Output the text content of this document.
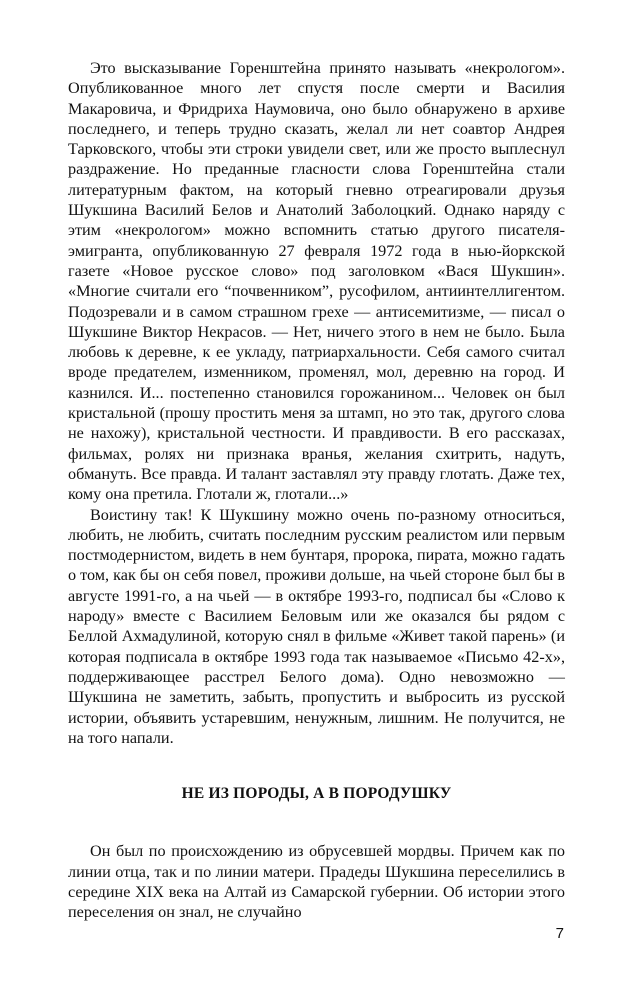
Это высказывание Горенштейна принято называть «некрологом». Опубликованное много лет спустя после смерти и Василия Макаровича, и Фридриха Наумовича, оно было обнаружено в архиве последнего, и теперь трудно сказать, желал ли нет соавтор Андрея Тарковского, чтобы эти строки увидели свет, или же просто выплеснул раздражение. Но преданные гласности слова Горенштейна стали литературным фактом, на который гневно отреагировали друзья Шукшина Василий Белов и Анатолий Заболоцкий. Однако наряду с этим «некрологом» можно вспомнить статью другого писателя-эмигранта, опубликованную 27 февраля 1972 года в нью-йоркской газете «Новое русское слово» под заголовком «Вася Шукшин». «Многие считали его “почвенником”, русофилом, антиинтеллигентом. Подозревали и в самом страшном грехе — антисемитизме, — писал о Шукшине Виктор Некрасов. — Нет, ничего этого в нем не было. Была любовь к деревне, к ее укладу, патриархальности. Себя самого считал вроде предателем, изменником, променял, мол, деревню на город. И казнился. И... постепенно становился горожанином... Человек он был кристальной (прошу простить меня за штамп, но это так, другого слова не нахожу), кристальной честности. И правдивости. В его рассказах, фильмах, ролях ни признака вранья, желания схитрить, надуть, обмануть. Все правда. И талант заставлял эту правду глотать. Даже тех, кому она претила. Глотали ж, глотали...»

Воистину так! К Шукшину можно очень по-разному относиться, любить, не любить, считать последним русским реалистом или первым постмодернистом, видеть в нем бунтаря, пророка, пирата, можно гадать о том, как бы он себя повел, проживи дольше, на чьей стороне был бы в августе 1991-го, а на чьей — в октябре 1993-го, подписал бы «Слово к народу» вместе с Василием Беловым или же оказался бы рядом с Беллой Ахмадулиной, которую снял в фильме «Живет такой парень» (и которая подписала в октябре 1993 года так называемое «Письмо 42-х», поддерживающее расстрел Белого дома). Одно невозможно — Шукшина не заметить, забыть, пропустить и выбросить из русской истории, объявить устаревшим, ненужным, лишним. Не получится, не на того напали.

НЕ ИЗ ПОРОДЫ, А В ПОРОДУШКУ

Он был по происхождению из обрусевшей мордвы. Причем как по линии отца, так и по линии матери. Прадеды Шукшина переселились в середине XIX века на Алтай из Самарской губернии. Об истории этого переселения он знал, не случайно

7
